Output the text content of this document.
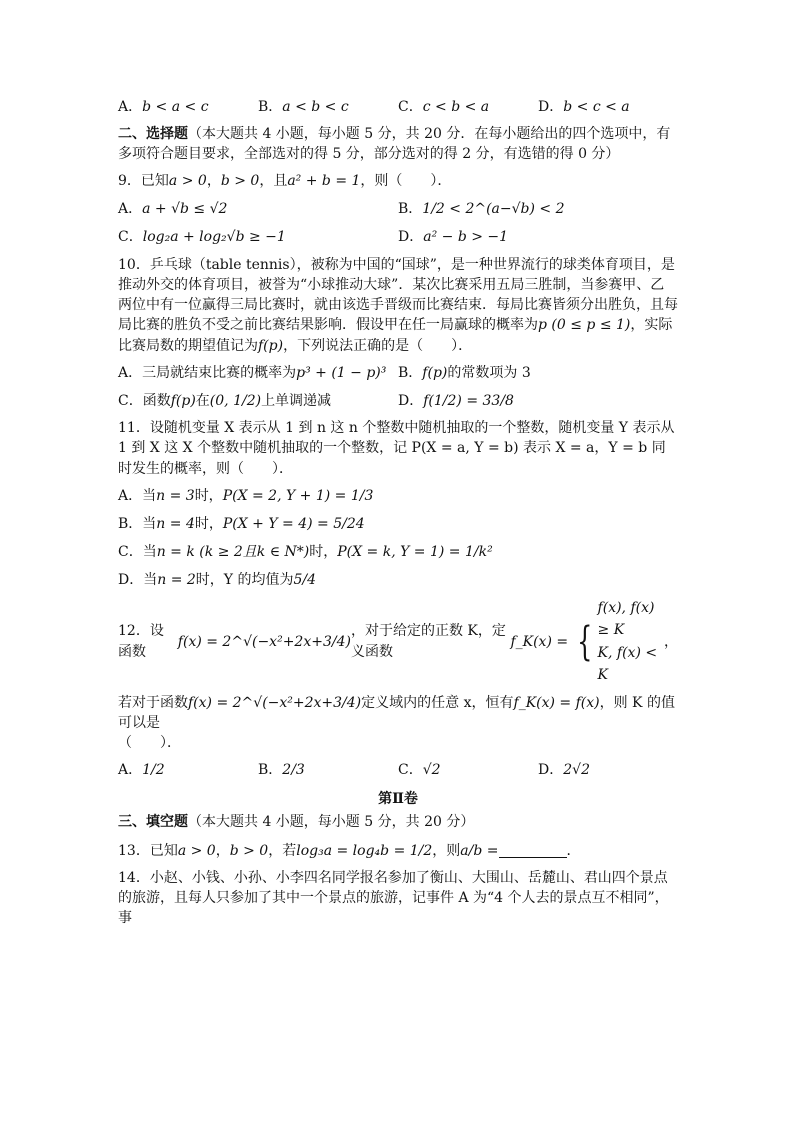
A．b < a < c	B．a < b < c	C．c < b < a	D．b < c < a
二、选择题（本大题共 4 小题，每小题 5 分，共 20 分．在每小题给出的四个选项中，有多项符合题目要求，全部选对的得 5 分，部分选对的得 2 分，有选错的得 0 分）
9．已知 a > 0 ， b > 0 ， 且 a² + b = 1 ，则（　　）．
A． a + √b ≤ √2	B． 1/2 < 2^(a−√b) < 2
C． log₂a + log₂√b ≥ −1	D． a² − b > −1
10．乒乓球（table tennis），被称为中国的“国球”，是一种世界流行的球类体育项目，是推动外交的体育项目，被誉为“小球推动大球”．某次比赛采用五局三胜制，当参赛甲、乙两位中有一位赢得三局比赛时，就由该选手晋级而比赛结束．每局比赛皆须分出胜负，且每局比赛的胜负不受之前比赛结果影响．假设甲在任一局赢球的概率为p (0 ≤ p ≤ 1)，实际比赛局数的期望值记为f(p)，下列说法正确的是（　　）．
A．三局就结束比赛的概率为 p³ + (1 − p)³ B． f(p) 的常数项为 3
C．函数 f(p) 在 (0, 1/2) 上单调递减	D． f(1/2) = 33/8
11．设随机变量 X 表示从 1 到 n 这 n 个整数中随机抽取的一个整数，随机变量 Y 表示从 1 到 X 这 X 个整数中随机抽取的一个整数，记 P(X = a, Y = b) 表示 X = a，Y = b 同时发生的概率，则（　　）．
A．当 n = 3 时， P(X = 2, Y + 1) = 1/3
B．当 n = 4 时， P(X + Y = 4) = 5/24
C．当 n = k (k ≥ 2且k ∈ N*) 时， P(X = k, Y = 1) = 1/k²
D．当 n = 2 时，Y 的均值为 5/4
12．设函数
f(x) = 2^√(−x²+2x+3/4)
，对于给定的正数 K，定义函数
f_K(x) = {
f(x), f(x) ≥ K
K, f(x) < K
，
若对于函数f(x) = 2^√(−x²+2x+3/4)定义域内的任意 x，恒有f_K(x) = f(x)，则 K 的值可以是
（　　）．
A．1/2	B．2/3	C．√2	D．2√2
第Ⅱ卷
三、填空题（本大题共 4 小题，每小题 5 分，共 20 分）
13．已知 a > 0 ， b > 0 ，若 log₃a = log₄b = 1/2 ，则 a/b =	．
14．小赵、小钱、小孙、小李四名同学报名参加了衡山、大围山、岳麓山、君山四个景点的旅游，且每人只参加了其中一个景点的旅游，记事件 A 为“4 个人去的景点互不相同”，事
